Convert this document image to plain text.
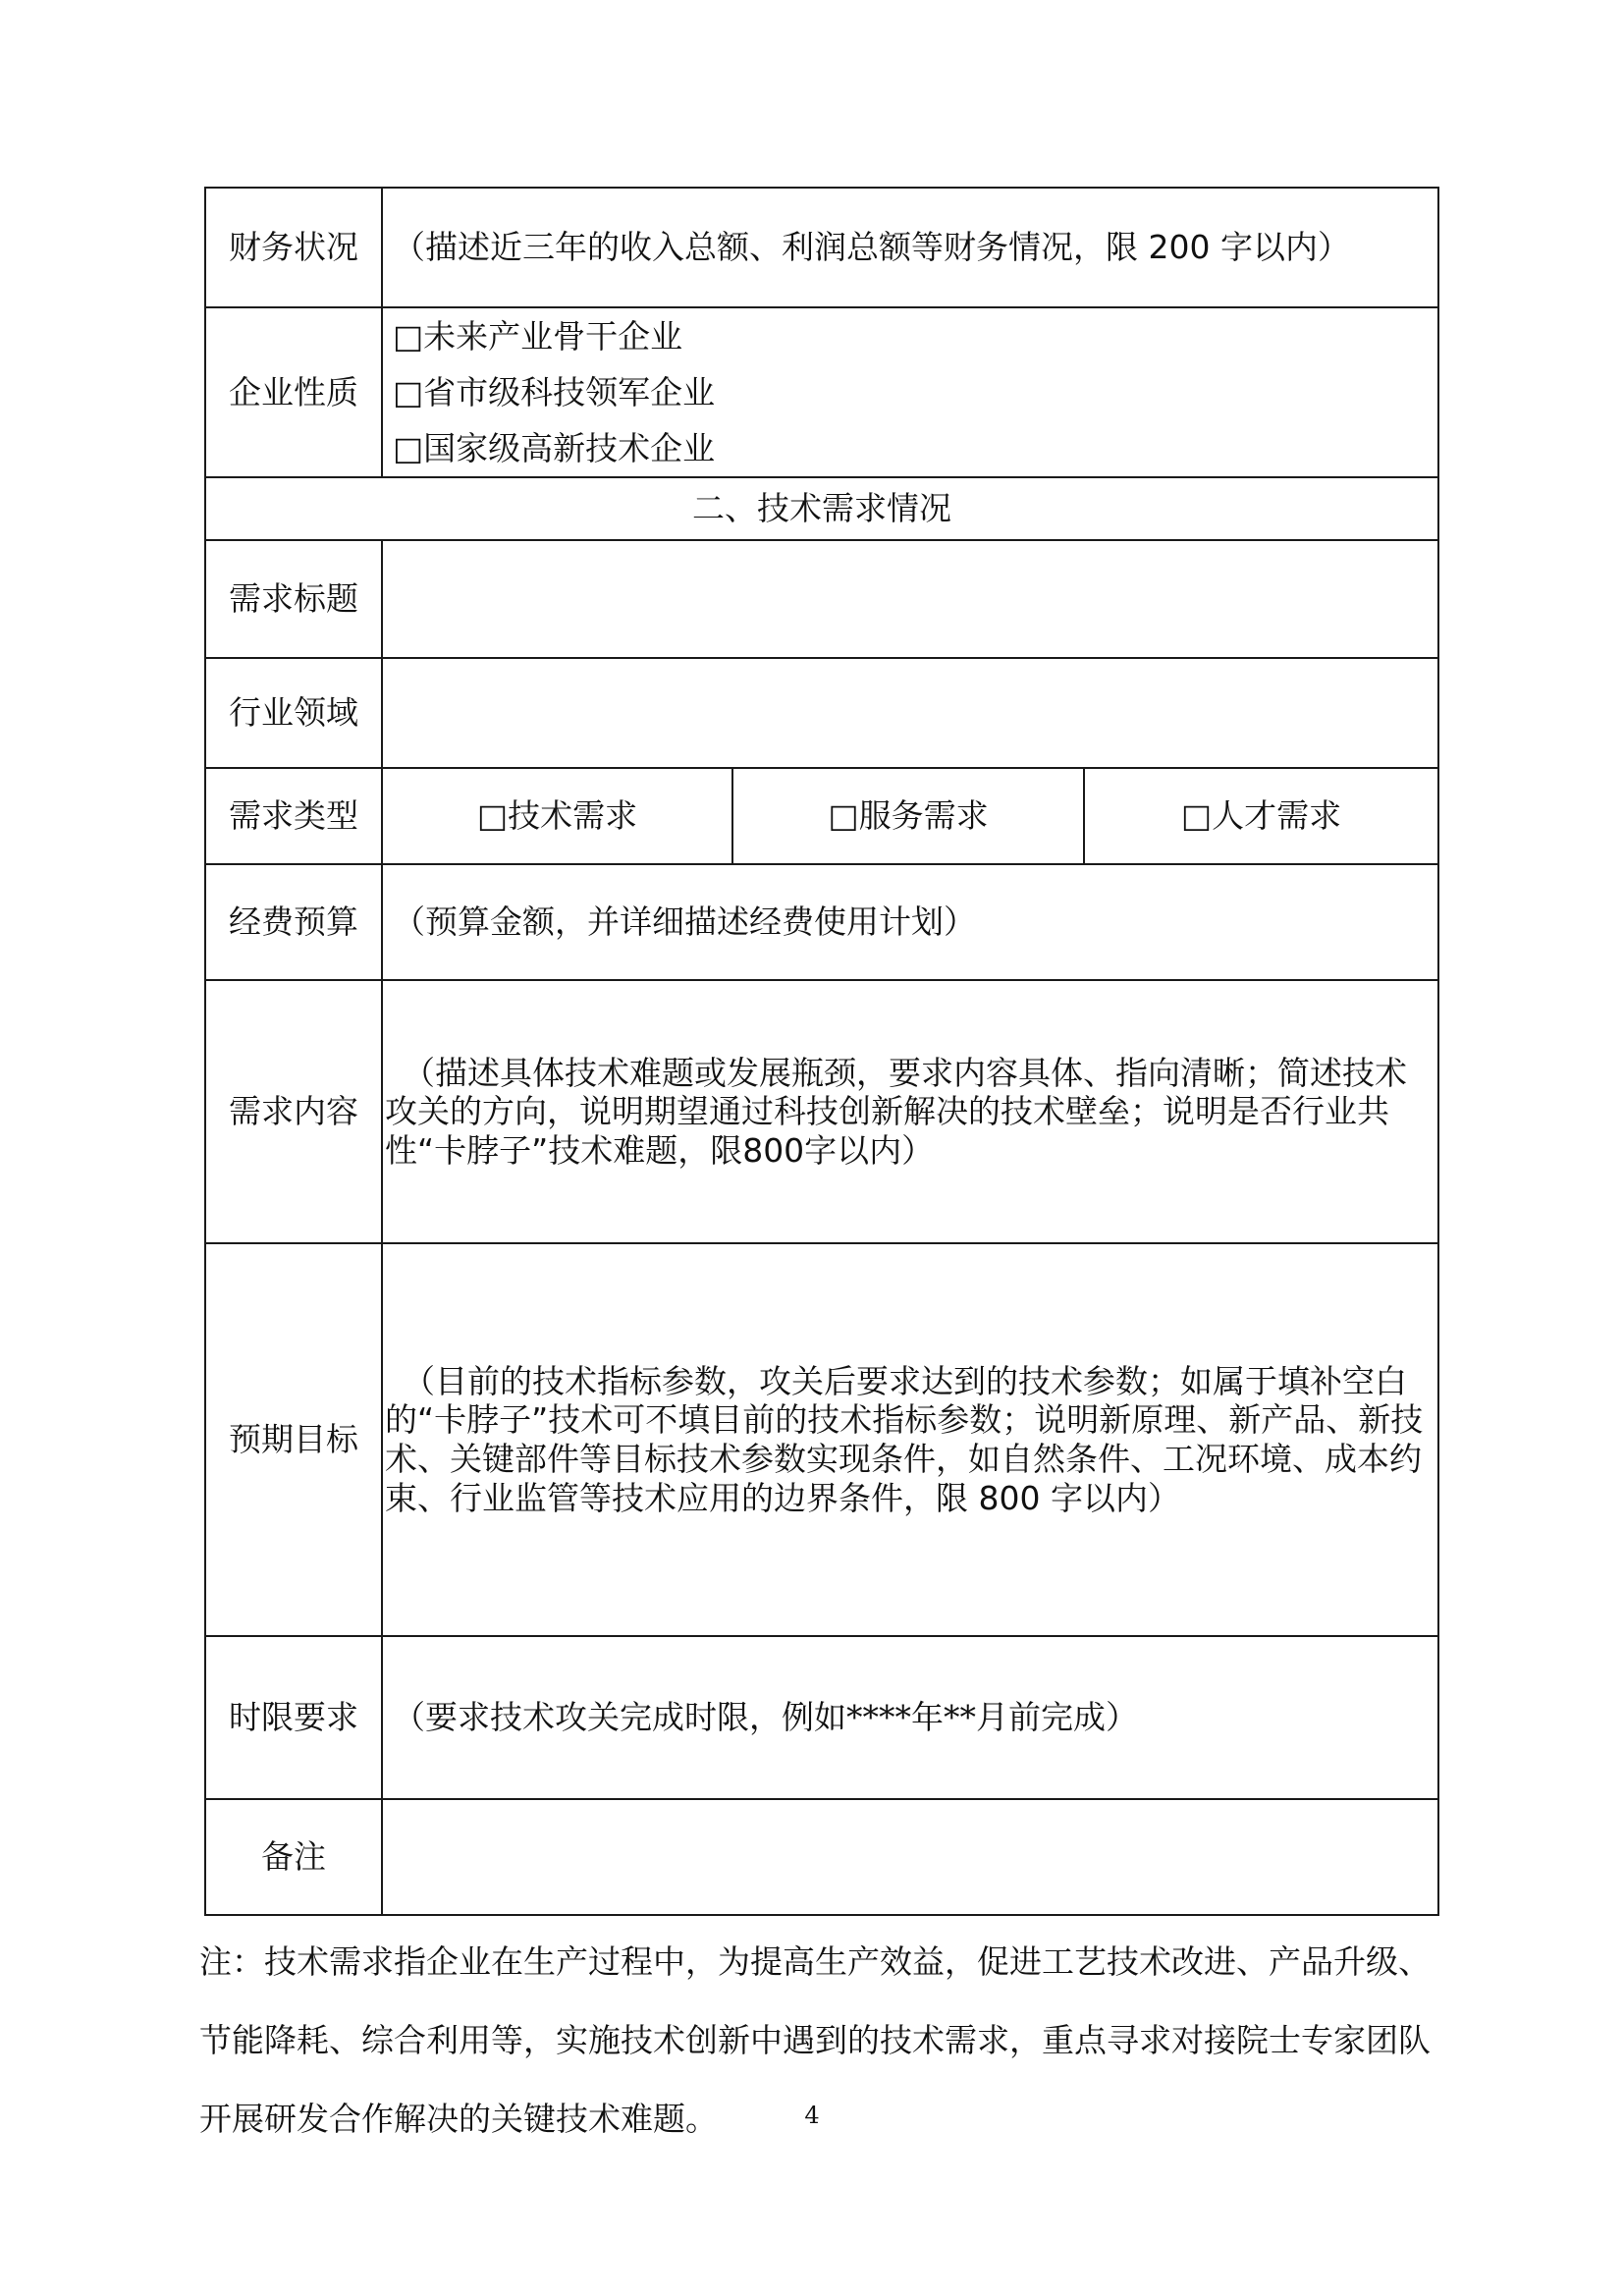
财务状况	（描述近三年的收入总额、利润总额等财务情况，限 200 字以内）		
企业性质	□未来产业骨干企业
□省市级科技领军企业
□国家级高新技术企业		

二、技术需求情况			
需求标题			
行业领域			
需求类型	□技术需求	□服务需求	□人才需求
经费预算	（预算金额，并详细描述经费使用计划）		
需求内容	（描述具体技术难题或发展瓶颈，要求内容具体、指向清晰；简述技术攻关的方向，说明期望通过科技创新解决的技术壁垒；说明是否行业共性“卡脖子”技术难题，限800字以内）		
预期目标	（目前的技术指标参数，攻关后要求达到的技术参数；如属于填补空白的“卡脖子”技术可不填目前的技术指标参数；说明新原理、新产品、新技术、关键部件等目标技术参数实现条件，如自然条件、工况环境、成本约束、行业监管等技术应用的边界条件，限 800 字以内）		
时限要求	（要求技术攻关完成时限，例如****年**月前完成）		
备注			

注：技术需求指企业在生产过程中，为提高生产效益，促进工艺技术改进、产品升级、节能降耗、综合利用等，实施技术创新中遇到的技术需求，重点寻求对接院士专家团队开展研发合作解决的关键技术难题。	4
